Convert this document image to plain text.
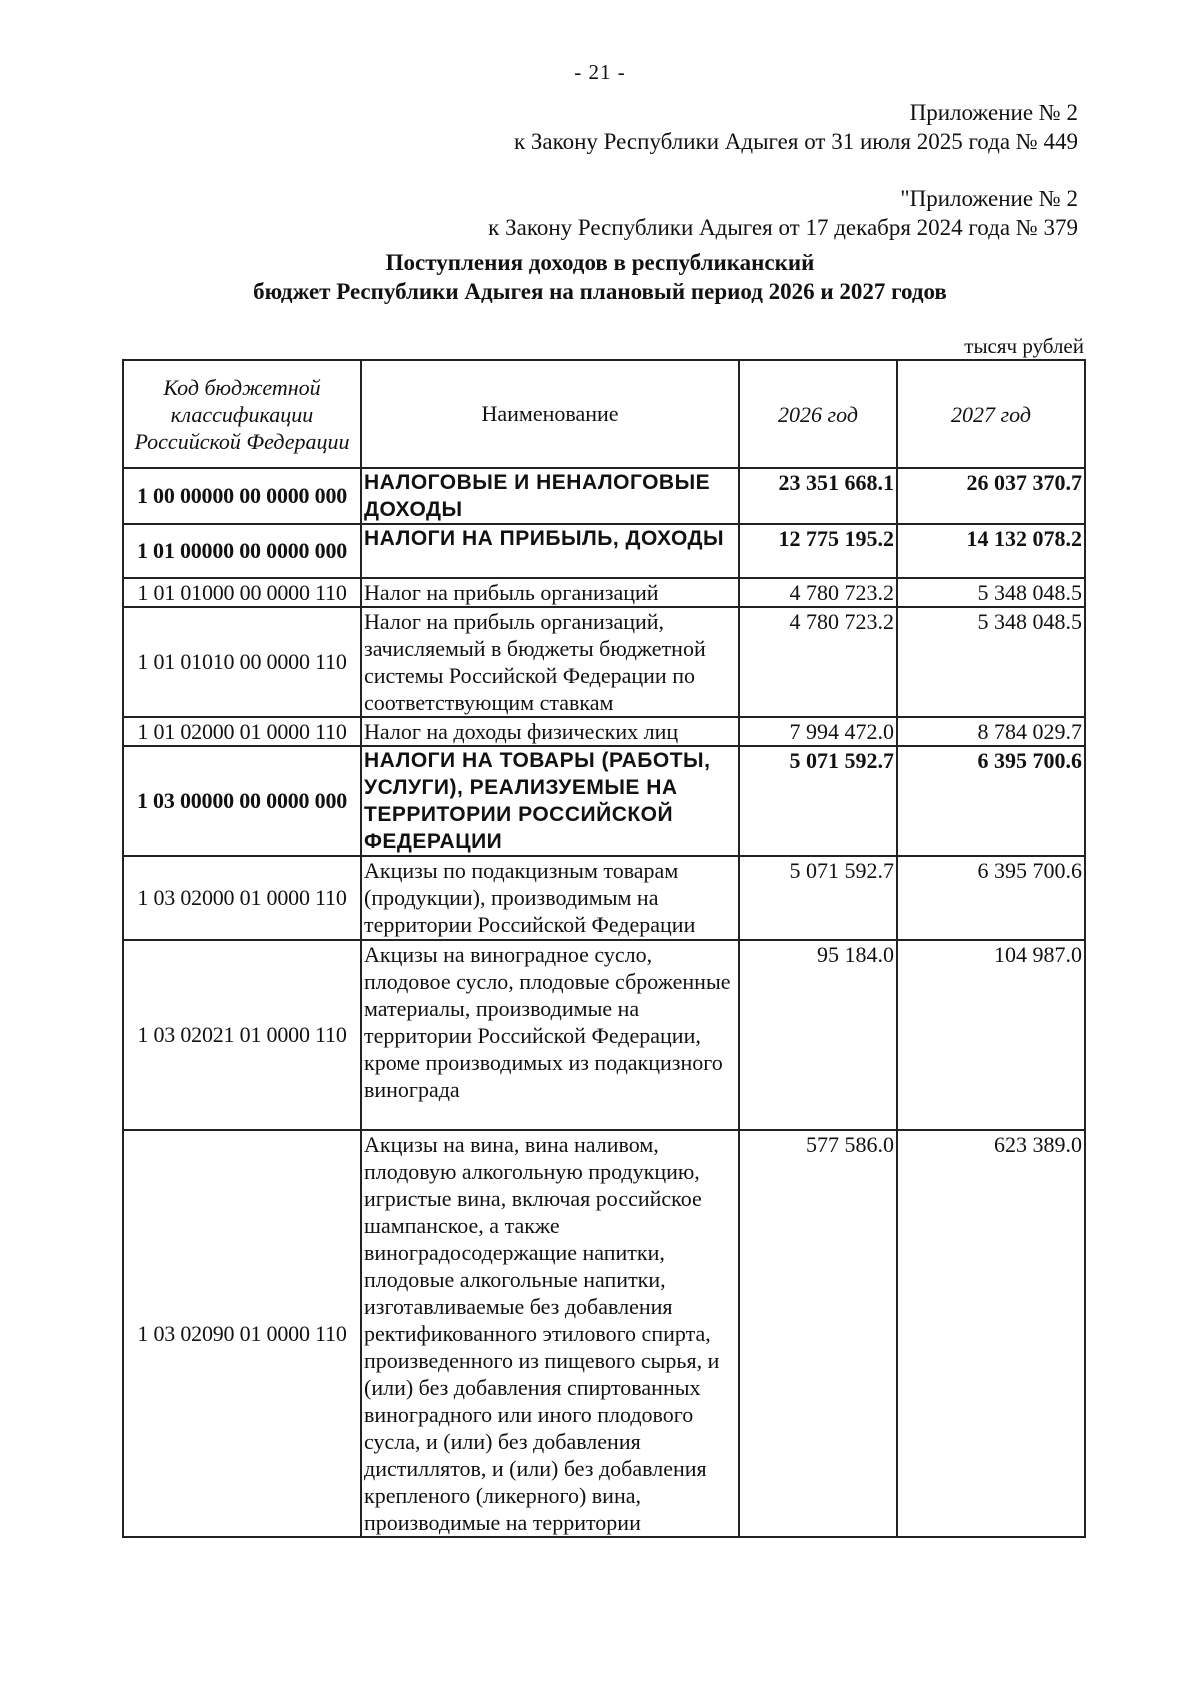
- 21 -
Приложение № 2
к Закону Республики Адыгея от 31 июля 2025 года № 449
"Приложение № 2
к Закону Республики Адыгея от 17 декабря 2024 года № 379
Поступления доходов в республиканский
бюджет Республики Адыгея на плановый период 2026 и 2027 годов
тысяч рублей
Код бюджетной классификации Российской Федерации	Наименование	2026 год	2027 год
1 00 00000 00 0000 000	НАЛОГОВЫЕ И НЕНАЛОГОВЫЕ ДОХОДЫ	23 351 668.1	26 037 370.7
1 01 00000 00 0000 000	НАЛОГИ НА ПРИБЫЛЬ, ДОХОДЫ	12 775 195.2	14 132 078.2
1 01 01000 00 0000 110	Налог на прибыль организаций	4 780 723.2	5 348 048.5
1 01 01010 00 0000 110	Налог на прибыль организаций, зачисляемый в бюджеты бюджетной системы Российской Федерации по соответствующим ставкам	4 780 723.2	5 348 048.5
1 01 02000 01 0000 110	Налог на доходы физических лиц	7 994 472.0	8 784 029.7
1 03 00000 00 0000 000	НАЛОГИ НА ТОВАРЫ (РАБОТЫ, УСЛУГИ), РЕАЛИЗУЕМЫЕ НА ТЕРРИТОРИИ РОССИЙСКОЙ ФЕДЕРАЦИИ	5 071 592.7	6 395 700.6
1 03 02000 01 0000 110	Акцизы по подакцизным товарам (продукции), производимым на территории Российской Федерации	5 071 592.7	6 395 700.6
1 03 02021 01 0000 110	Акцизы на виноградное сусло, плодовое сусло, плодовые сброженные материалы, производимые на территории Российской Федерации, кроме производимых из подакцизного винограда	95 184.0	104 987.0
1 03 02090 01 0000 110	Акцизы на вина, вина наливом, плодовую алкогольную продукцию, игристые вина, включая российское шампанское, а также виноградосодержащие напитки, плодовые алкогольные напитки, изготавливаемые без добавления ректификованного этилового спирта, произведенного из пищевого сырья, и (или) без добавления спиртованных виноградного или иного плодового сусла, и (или) без добавления дистиллятов, и (или) без добавления крепленого (ликерного) вина, производимые на территории	577 586.0	623 389.0
